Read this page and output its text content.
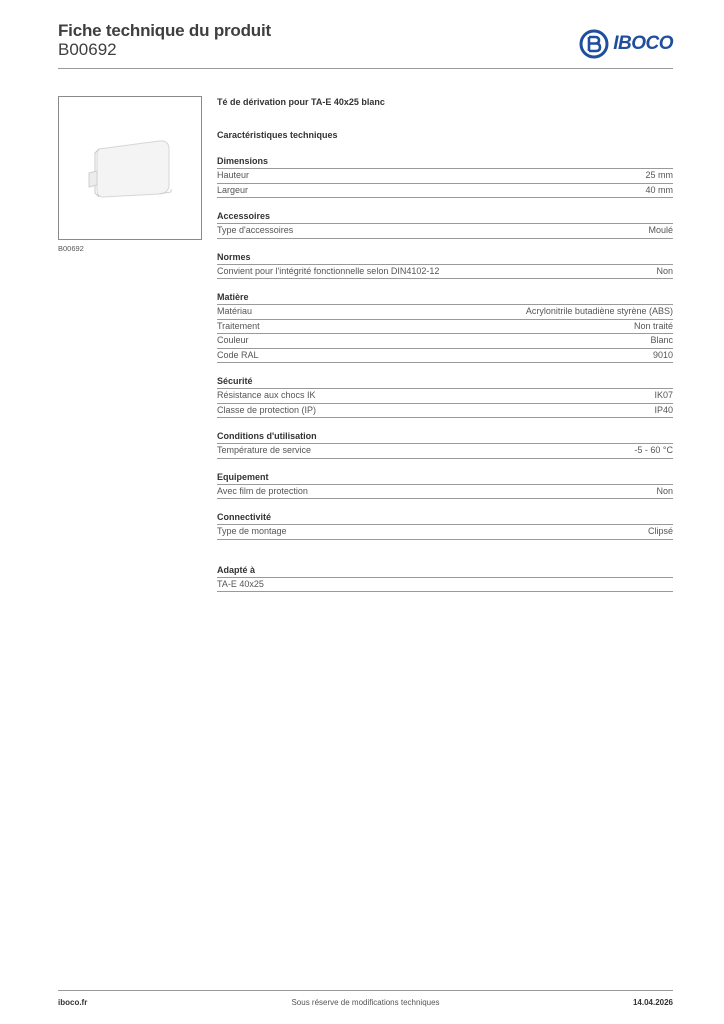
Fiche technique du produit
B00692	IBOCO
B00692
Té de dérivation pour TA-E 40x25 blanc
Caractéristiques techniques
Dimensions
Hauteur	25 mm
Largeur	40 mm
Accessoires
Type d'accessoires	Moulé
Normes
Convient pour l'intégrité fonctionnelle selon DIN4102-12	Non
Matière
Matériau	Acrylonitrile butadiène styrène (ABS)
Traitement	Non traité
Couleur	Blanc
Code RAL	9010
Sécurité
Résistance aux chocs IK	IK07
Classe de protection (IP)	IP40
Conditions d'utilisation
Température de service	-5 - 60 °C
Equipement
Avec film de protection	Non
Connectivité
Type de montage	Clipsé
Adapté à
TA-E 40x25
iboco.fr	Sous réserve de modifications techniques	14.04.2026
